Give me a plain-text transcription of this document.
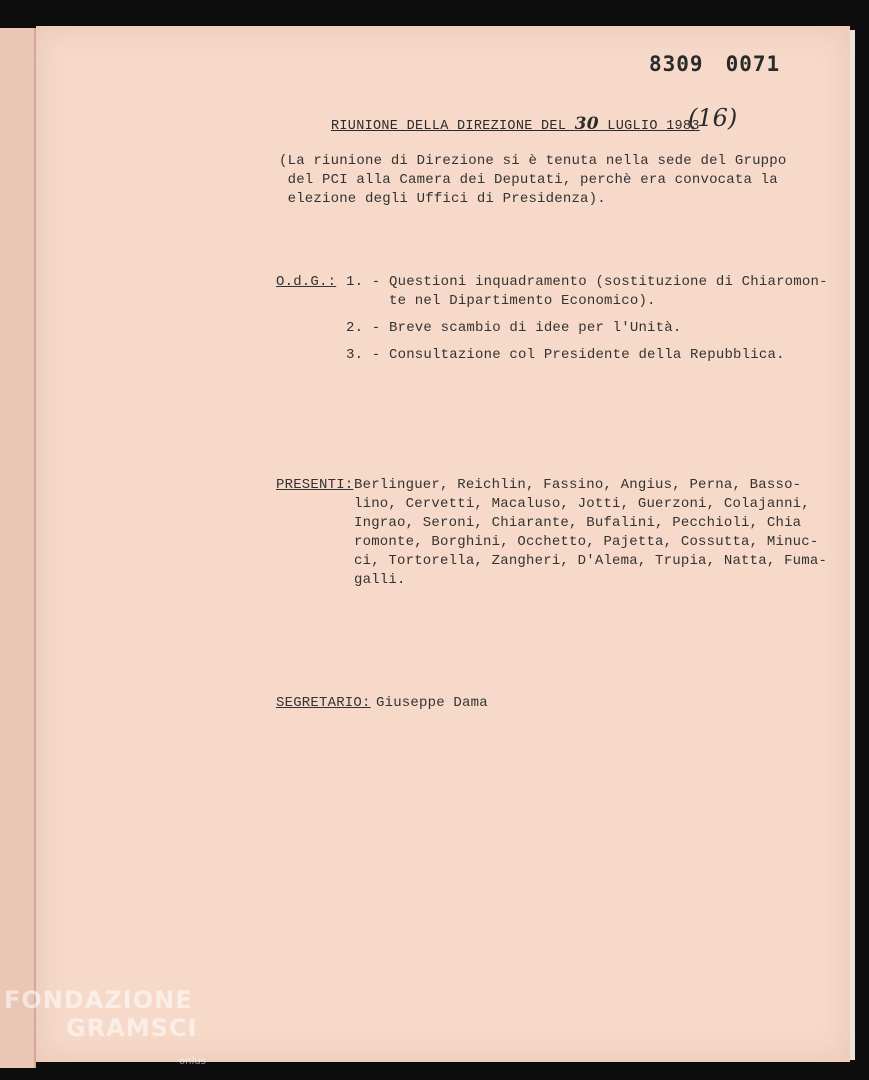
8309 0071
RIUNIONE DELLA DIREZIONE DEL 30 LUGLIO 1983
(16)
(La riunione di Direzione si è tenuta nella sede del Gruppo
del PCI alla Camera dei Deputati, perchè era convocata la
elezione degli Uffici di Presidenza).
O.d.G.: 1. - Questioni inquadramento (sostituzione di Chiaromon-
te nel Dipartimento Economico).
2. - Breve scambio di idee per l'Unità.
3. - Consultazione col Presidente della Repubblica.
PRESENTI: Berlinguer, Reichlin, Fassino, Angius, Perna, Basso-
lino, Cervetti, Macaluso, Jotti, Guerzoni, Colajanni,
Ingrao, Seroni, Chiarante, Bufalini, Pecchioli, Chia
romonte, Borghini, Occhetto, Pajetta, Cossutta, Minuc-
ci, Tortorella, Zangheri, D'Alema, Trupia, Natta, Fuma-
galli.
SEGRETARIO: Giuseppe Dama
FONDAZIONE
GRAMSCI
onlus
